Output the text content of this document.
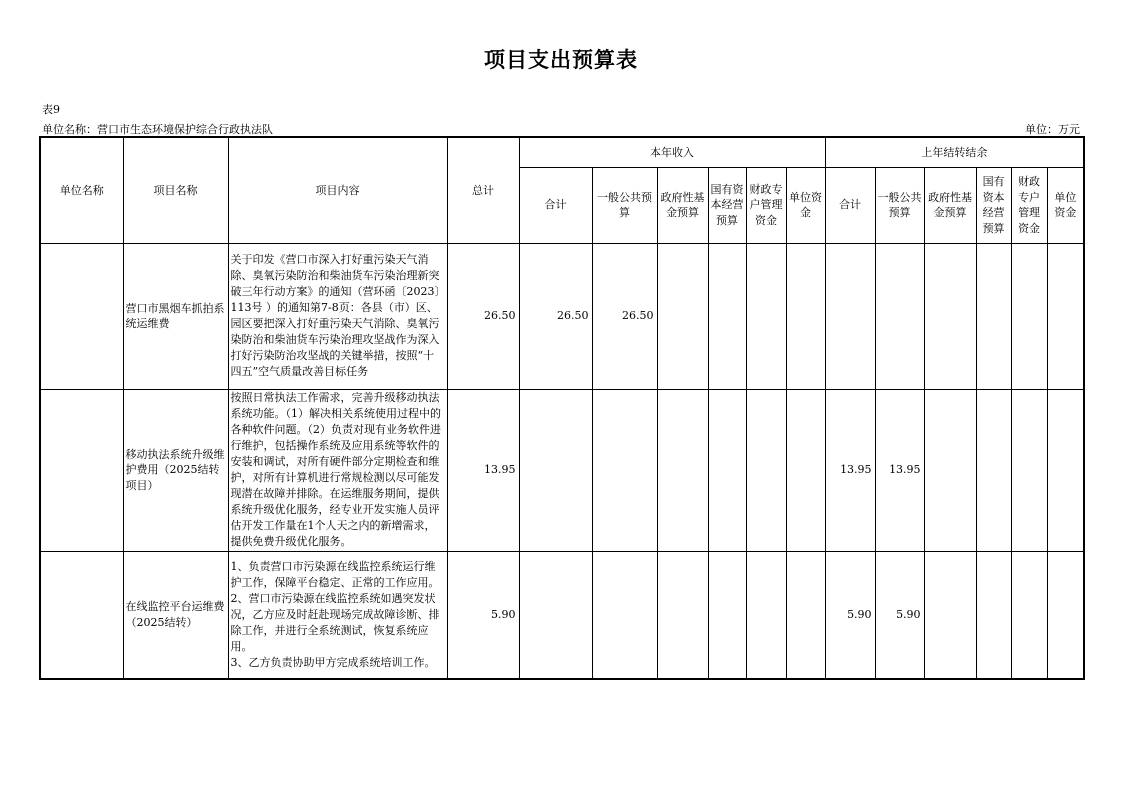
项目支出预算表
表9
单位名称：营口市生态环境保护综合行政执法队	单位：万元
单位名称	项目名称	项目内容	总计	本年收入						上年结转结余					
				合计	一般公共预算	政府性基金预算	国有资本经营预算	财政专户管理资金	单位资金	合计	一般公共预算	政府性基金预算	国有资本经营预算	财政专户管理资金	单位资金
	营口市黑烟车抓拍系统运维费	关于印发《营口市深入打好重污染天气消除、臭氧污染防治和柴油货车污染治理新突破三年行动方案》的通知（营环函〔2023〕113号 ）的通知第7-8页：各县（市）区、园区要把深入打好重污染天气消除、臭氧污染防治和柴油货车污染治理攻坚战作为深入打好污染防治攻坚战的关键举措，按照“十四五”空气质量改善目标任务	26.50	26.50	26.50										
	移动执法系统升级维护费用（2025结转项目）	按照日常执法工作需求，完善升级移动执法系统功能。（1）解决相关系统使用过程中的各种软件问题。（2）负责对现有业务软件进行维护，包括操作系统及应用系统等软件的安装和调试，对所有硬件部分定期检查和维护，对所有计算机进行常规检测以尽可能发现潜在故障并排除。在运维服务期间，提供系统升级优化服务，经专业开发实施人员评估开发工作量在1个人天之内的新增需求，提供免费升级优化服务。	13.95							13.95	13.95				
	在线监控平台运维费（2025结转）	1、负责营口市污染源在线监控系统运行维护工作，保障平台稳定、正常的工作应用。
2、营口市污染源在线监控系统如遇突发状况，乙方应及时赶赴现场完成故障诊断、排除工作，并进行全系统测试，恢复系统应用。
3、乙方负责协助甲方完成系统培训工作。	5.90							5.90	5.90				
